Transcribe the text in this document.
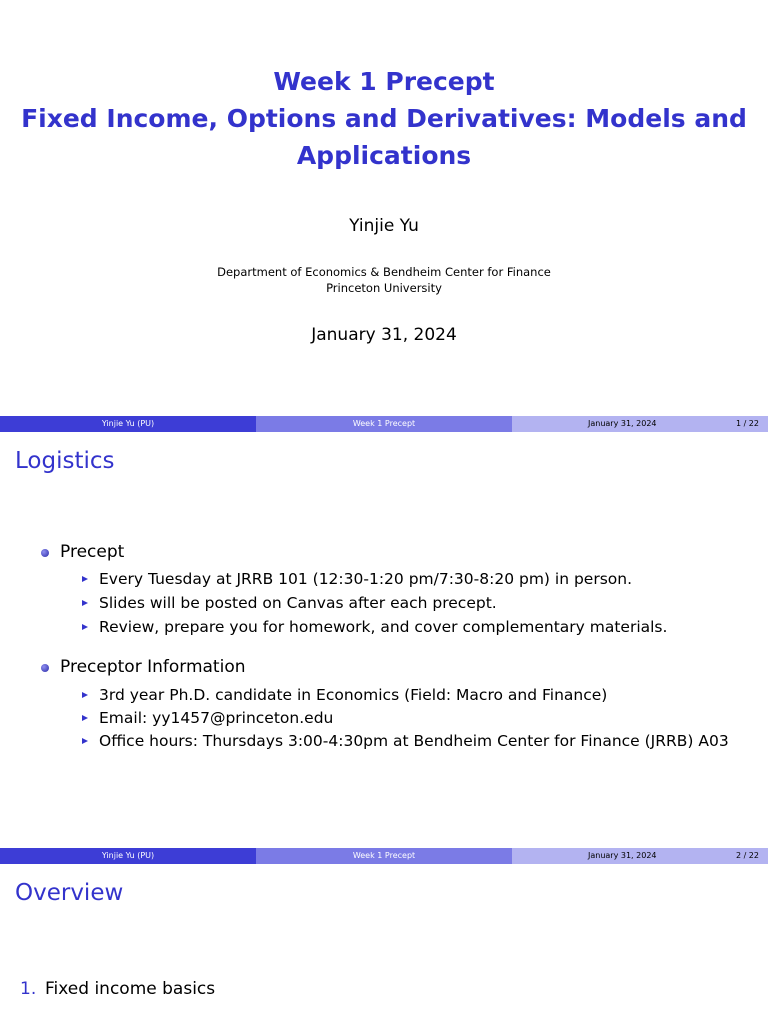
Week 1 Precept
Fixed Income, Options and Derivatives: Models and
Applications
Yinjie Yu
Department of Economics & Bendheim Center for Finance
Princeton University
January 31, 2024
Yinjie Yu (PU)	Week 1 Precept	January 31, 2024	1 / 22
Logistics
Precept
Every Tuesday at JRRB 101 (12:30-1:20 pm/7:30-8:20 pm) in person.
Slides will be posted on Canvas after each precept.
Review, prepare you for homework, and cover complementary materials.
Preceptor Information
3rd year Ph.D. candidate in Economics (Field: Macro and Finance)
Email: yy1457@princeton.edu
Office hours: Thursdays 3:00-4:30pm at Bendheim Center for Finance (JRRB) A03
Yinjie Yu (PU)	Week 1 Precept	January 31, 2024	2 / 22
Overview
1. Fixed income basics
